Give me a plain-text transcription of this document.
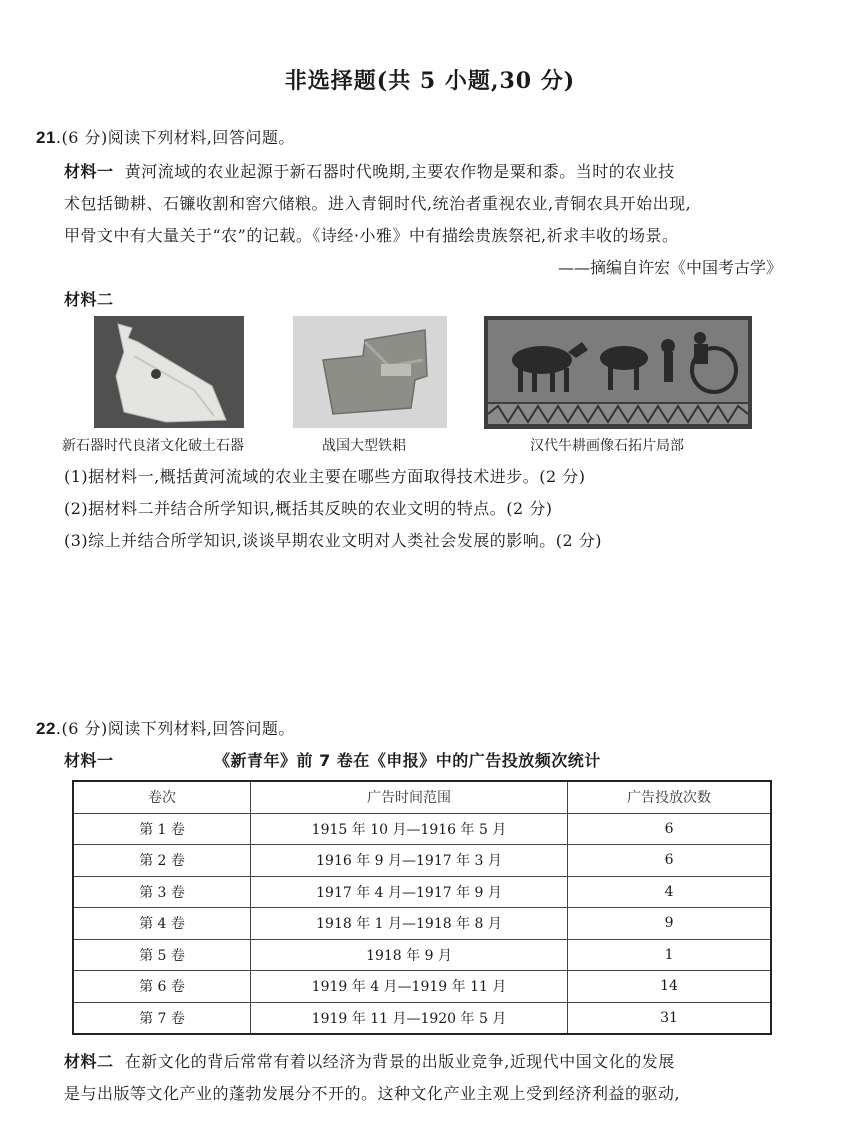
非选择题(共 5 小题,30 分)
21.(6 分)阅读下列材料,回答问题。
材料一 黄河流域的农业起源于新石器时代晚期,主要农作物是粟和黍。当时的农业技
术包括锄耕、石镰收割和窖穴储粮。进入青铜时代,统治者重视农业,青铜农具开始出现,
甲骨文中有大量关于“农”的记载。《诗经·小雅》中有描绘贵族祭祀,祈求丰收的场景。
——摘编自许宏《中国考古学》
材料二
新石器时代良渚文化破土石器	战国大型铁耜	汉代牛耕画像石拓片局部
(1)据材料一,概括黄河流域的农业主要在哪些方面取得技术进步。(2 分)
(2)据材料二并结合所学知识,概括其反映的农业文明的特点。(2 分)
(3)综上并结合所学知识,谈谈早期农业文明对人类社会发展的影响。(2 分)
22.(6 分)阅读下列材料,回答问题。
材料一	《新青年》前 7 卷在《申报》中的广告投放频次统计
卷次	广告时间范围	广告投放次数
第 1 卷	1915 年 10 月—1916 年 5 月	6
第 2 卷	1916 年 9 月—1917 年 3 月	6
第 3 卷	1917 年 4 月—1917 年 9 月	4
第 4 卷	1918 年 1 月—1918 年 8 月	9
第 5 卷	1918 年 9 月	1
第 6 卷	1919 年 4 月—1919 年 11 月	14
第 7 卷	1919 年 11 月—1920 年 5 月	31
材料二 在新文化的背后常常有着以经济为背景的出版业竞争,近现代中国文化的发展
是与出版等文化产业的蓬勃发展分不开的。这种文化产业主观上受到经济利益的驱动,
